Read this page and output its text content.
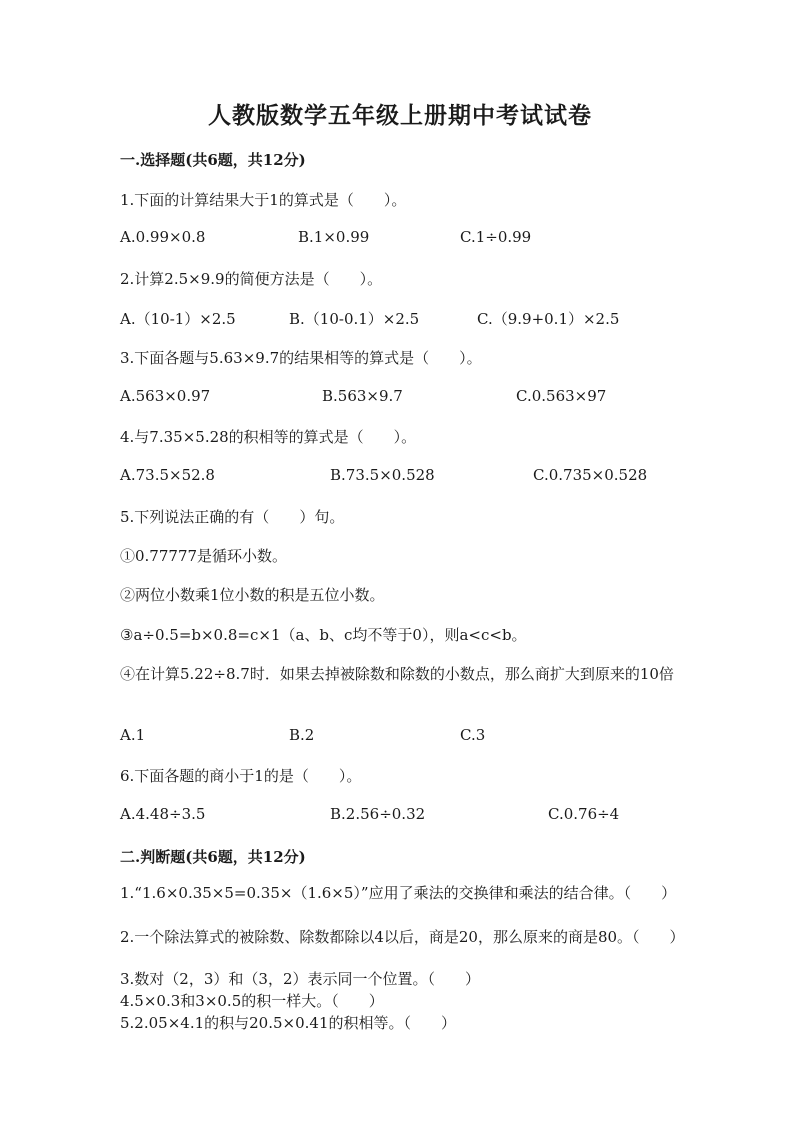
人教版数学五年级上册期中考试试卷
一.选择题(共6题，共12分)
1.下面的计算结果大于1的算式是（　　）。
A.0.99×0.8	B.1×0.99	C.1÷0.99
2.计算2.5×9.9的简便方法是（　　）。
A.（10-1）×2.5	B.（10-0.1）×2.5	C.（9.9+0.1）×2.5
3.下面各题与5.63×9.7的结果相等的算式是（　　）。
A.563×0.97	B.563×9.7	C.0.563×97
4.与7.35×5.28的积相等的算式是（　　）。
A.73.5×52.8	B.73.5×0.528	C.0.735×0.528
5.下列说法正确的有（　　）句。
①0.77777是循环小数。
②两位小数乘1位小数的积是五位小数。
③a÷0.5=b×0.8=c×1（a、b、c均不等于0），则a<c<b。
④在计算5.22÷8.7时．如果去掉被除数和除数的小数点，那么商扩大到原来的10倍
A.1	B.2	C.3
6.下面各题的商小于1的是（　　）。
A.4.48÷3.5	B.2.56÷0.32	C.0.76÷4
二.判断题(共6题，共12分)
1.“1.6×0.35×5=0.35×（1.6×5）”应用了乘法的交换律和乘法的结合律。（　　）
2.一个除法算式的被除数、除数都除以4以后，商是20，那么原来的商是80。（　　）
3.数对（2，3）和（3，2）表示同一个位置。（　　）
4.5×0.3和3×0.5的积一样大。（　　）
5.2.05×4.1的积与20.5×0.41的积相等。（　　）
